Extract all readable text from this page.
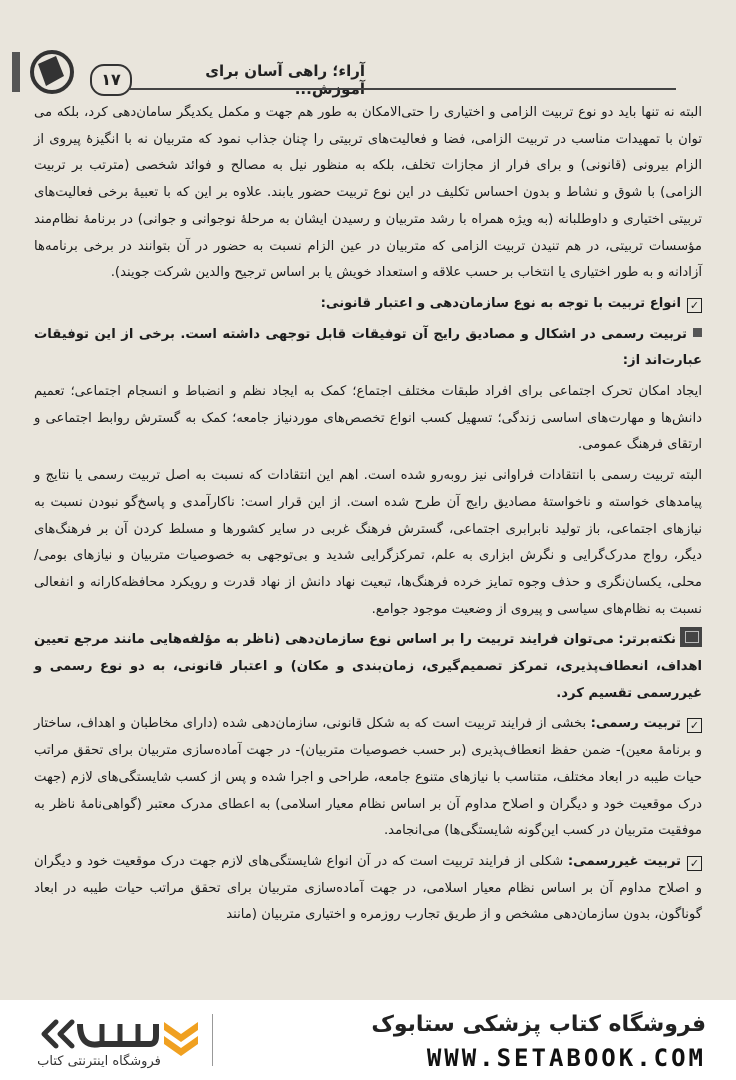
۱۷	آراء؛ راهی آسان برای آموزش...

البته نه تنها باید دو نوع تربیت الزامی و اختیاری را حتی‌الامکان به طور هم جهت و مکمل یکدیگر سامان‌دهی کرد، بلکه می توان با تمهیدات مناسب در تربیت الزامی، فضا و فعالیت‌های تربیتی را چنان جذاب نمود که متربیان نه با انگیزهٔ پیروی از الزام بیرونی (قانونی) و برای فرار از مجازات تخلف، بلکه به منظور نیل به مصالح و فوائد شخصی (مترتب بر تربیت الزامی) با شوق و نشاط و بدون احساس تکلیف در این نوع تربیت حضور یابند. علاوه بر این که با تعبیهٔ برخی فعالیت‌های تربیتی اختیاری و داوطلبانه (به ویژه همراه با رشد متربیان و رسیدن ایشان به مرحلهٔ نوجوانی و جوانی) در برنامهٔ نظام‌مند مؤسسات تربیتی، در هم تنیدن تربیت الزامی که متربیان در عین الزام نسبت به حضور در آن بتوانند در برخی برنامه‌ها آزادانه و به طور اختیاری یا انتخاب بر حسب علاقه و استعداد خویش یا بر اساس ترجیح والدین شرکت جویند).

✓انواع تربیت با توجه به نوع سازمان‌دهی و اعتبار قانونی:

تربیت رسمی در اشکال و مصادیق رایج آن توفیقات قابل توجهی داشته است. برخی از این توفیقات عبارت‌اند از:

ایجاد امکان تحرک اجتماعی برای افراد طبقات مختلف اجتماع؛ کمک به ایجاد نظم و انضباط و انسجام اجتماعی؛ تعمیم دانش‌ها و مهارت‌های اساسی زندگی؛ تسهیل کسب انواع تخصص‌های موردنیاز جامعه؛ کمک به گسترش روابط اجتماعی و ارتقای فرهنگ عمومی.

البته تربیت رسمی با انتقادات فراوانی نیز روبه‌رو شده است. اهم این انتقادات که نسبت به اصل تربیت رسمی یا نتایج و پیامدهای خواسته و ناخواستهٔ مصادیق رایج آن طرح شده است. از این قرار است: ناکارآمدی و پاسخ‌گو نبودن نسبت به نیازهای اجتماعی، باز تولید نابرابری اجتماعی، گسترش فرهنگ غربی در سایر کشورها و مسلط کردن آن بر فرهنگ‌های دیگر، رواج مدرک‌گرایی و نگرش ابزاری به علم، تمرکزگرایی شدید و بی‌توجهی به خصوصیات متربیان و نیازهای بومی/محلی، یکسان‌نگری و حذف وجوه تمایز خرده فرهنگ‌ها، تبعیت نهاد دانش از نهاد قدرت و رویکرد محافظه‌کارانه و انفعالی نسبت به نظام‌های سیاسی و پیروی از وضعیت موجود جوامع.

نکته‌برتر: می‌توان فرایند تربیت را بر اساس نوع سازمان‌دهی (ناظر به مؤلفه‌هایی مانند مرجع تعیین اهداف، انعطاف‌پذیری، تمرکز تصمیم‌گیری، زمان‌بندی و مکان) و اعتبار قانونی، به دو نوع رسمی و غیررسمی تقسیم کرد.

✓تربیت رسمی: بخشی از فرایند تربیت است که به شکل قانونی، سازمان‌دهی شده (دارای مخاطبان و اهداف، ساختار و برنامهٔ معین)- ضمن حفظ انعطاف‌پذیری (بر حسب خصوصیات متربیان)- در جهت آماده‌سازی متربیان برای تحقق مراتب حیات طیبه در ابعاد مختلف، متناسب با نیازهای متنوع جامعه، طراحی و اجرا شده و پس از کسب شایستگی‌های لازم (جهت درک موقعیت خود و دیگران و اصلاح مداوم آن بر اساس نظام معیار اسلامی) به اعطای مدرک معتبر (گواهی‌نامهٔ ناظر به موفقیت متربیان در کسب این‌گونه شایستگی‌ها) می‌انجامد.

✓تربیت غیررسمی: شکلی از فرایند تربیت است که در آن انواع شایستگی‌های لازم جهت درک موقعیت خود و دیگران و اصلاح مداوم آن بر اساس نظام معیار اسلامی، در جهت آماده‌سازی متربیان برای تحقق مراتب حیات طیبه در ابعاد گوناگون، بدون سازمان‌دهی مشخص و از طریق تجارب روزمره و اختیاری متربیان (مانند

فروشگاه اینترنتی کتاب
فروشگاه کتاب پزشکی ستابوک
WWW.SETABOOK.COM
